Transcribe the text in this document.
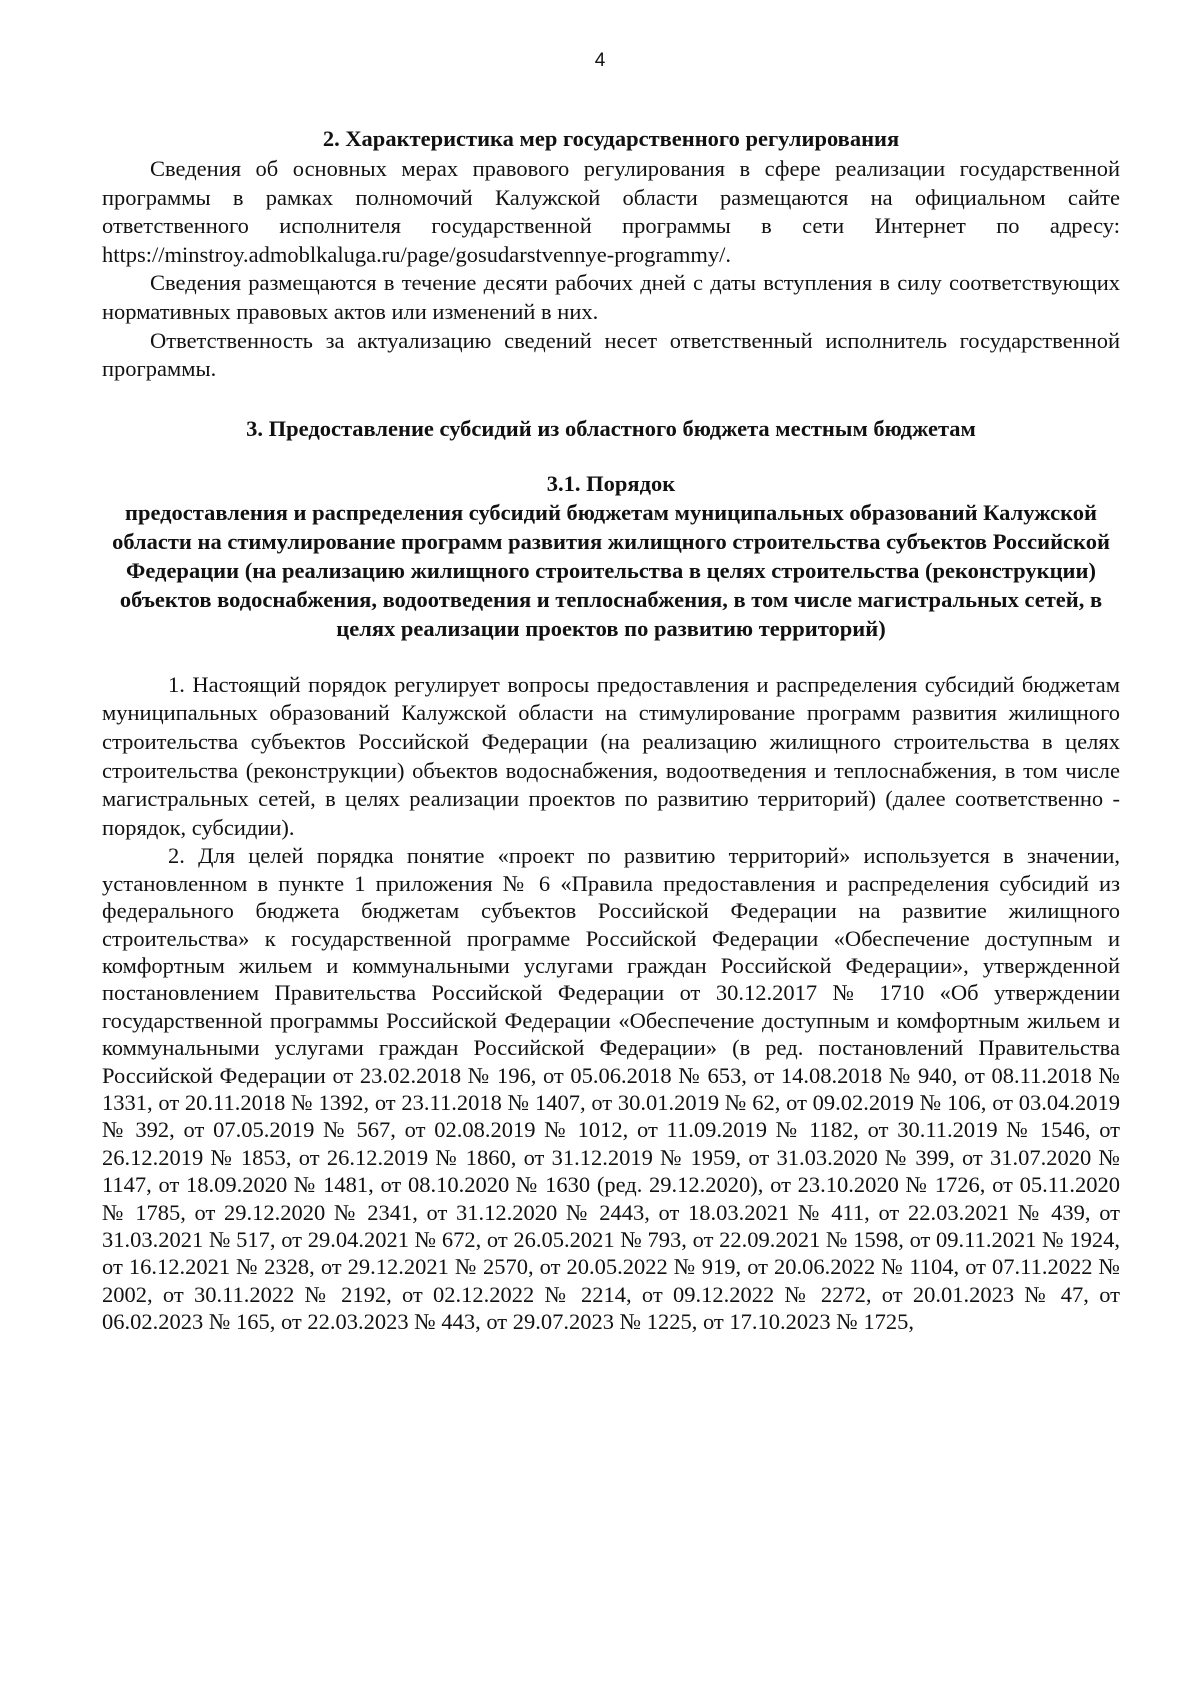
4
2. Характеристика мер государственного регулирования

Сведения об основных мерах правового регулирования в сфере реализации государственной программы в рамках полномочий Калужской области размещаются на официальном сайте ответственного исполнителя государственной программы в сети Интернет по адресу: https://minstroy.admoblkaluga.ru/page/gosudarstvennye-programmy/.

Сведения размещаются в течение десяти рабочих дней с даты вступления в силу соответствующих нормативных правовых актов или изменений в них.

Ответственность за актуализацию сведений несет ответственный исполнитель государственной программы.

3. Предоставление субсидий из областного бюджета местным бюджетам
3.1. Порядок
предоставления и распределения субсидий бюджетам муниципальных образований Калужской области на стимулирование программ развития жилищного строительства субъектов Российской Федерации (на реализацию жилищного строительства в целях строительства (реконструкции) объектов водоснабжения, водоотведения и теплоснабжения, в том числе магистральных сетей, в целях реализации проектов по развитию территорий)

1. Настоящий порядок регулирует вопросы предоставления и распределения субсидий бюджетам муниципальных образований Калужской области на стимулирование программ развития жилищного строительства субъектов Российской Федерации (на реализацию жилищного строительства в целях строительства (реконструкции) объектов водоснабжения, водоотведения и теплоснабжения, в том числе магистральных сетей, в целях реализации проектов по развитию территорий) (далее соответственно - порядок, субсидии).

2. Для целей порядка понятие «проект по развитию территорий» используется в значении, установленном в пункте 1 приложения № 6 «Правила предоставления и распределения субсидий из федерального бюджета бюджетам субъектов Российской Федерации на развитие жилищного строительства» к государственной программе Российской Федерации «Обеспечение доступным и комфортным жильем и коммунальными услугами граждан Российской Федерации», утвержденной постановлением Правительства Российской Федерации от 30.12.2017 № 1710 «Об утверждении государственной программы Российской Федерации «Обеспечение доступным и комфортным жильем и коммунальными услугами граждан Российской Федерации» (в ред. постановлений Правительства Российской Федерации от 23.02.2018 № 196, от 05.06.2018 № 653, от 14.08.2018 № 940, от 08.11.2018 № 1331, от 20.11.2018 № 1392, от 23.11.2018 № 1407, от 30.01.2019 № 62, от 09.02.2019 № 106, от 03.04.2019 № 392, от 07.05.2019 № 567, от 02.08.2019 № 1012, от 11.09.2019 № 1182, от 30.11.2019 № 1546, от 26.12.2019 № 1853, от 26.12.2019 № 1860, от 31.12.2019 № 1959, от 31.03.2020 № 399, от 31.07.2020 № 1147, от 18.09.2020 № 1481, от 08.10.2020 № 1630 (ред. 29.12.2020), от 23.10.2020 № 1726, от 05.11.2020 № 1785, от 29.12.2020 № 2341, от 31.12.2020 № 2443, от 18.03.2021 № 411, от 22.03.2021 № 439, от 31.03.2021 № 517, от 29.04.2021 № 672, от 26.05.2021 № 793, от 22.09.2021 № 1598, от 09.11.2021 № 1924, от 16.12.2021 № 2328, от 29.12.2021 № 2570, от 20.05.2022 № 919, от 20.06.2022 № 1104, от 07.11.2022 № 2002, от 30.11.2022 № 2192, от 02.12.2022 № 2214, от 09.12.2022 № 2272, от 20.01.2023 № 47, от 06.02.2023 № 165, от 22.03.2023 № 443, от 29.07.2023 № 1225, от 17.10.2023 № 1725,
